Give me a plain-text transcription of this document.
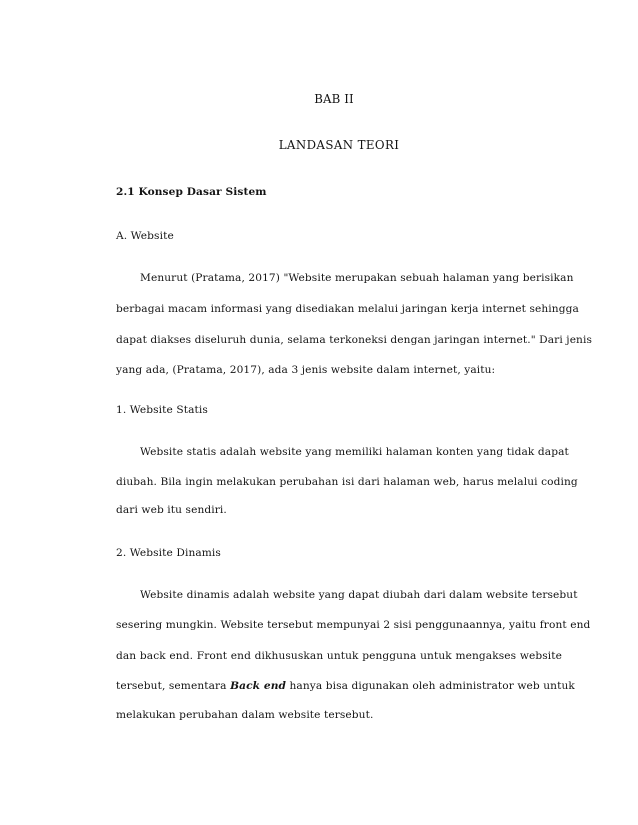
BAB II
LANDASAN TEORI
2.1 Konsep Dasar Sistem
A. Website
Menurut (Pratama, 2017) "Website merupakan sebuah halaman yang berisikan
berbagai macam informasi yang disediakan melalui jaringan kerja internet sehingga
dapat diakses diseluruh dunia, selama terkoneksi dengan jaringan internet." Dari jenis
yang ada, (Pratama, 2017), ada 3 jenis website dalam internet, yaitu:
1. Website Statis
Website statis adalah website yang memiliki halaman konten yang tidak dapat
diubah. Bila ingin melakukan perubahan isi dari halaman web, harus melalui coding
dari web itu sendiri.
2. Website Dinamis
Website dinamis adalah website yang dapat diubah dari dalam website tersebut
sesering mungkin. Website tersebut mempunyai 2 sisi penggunaannya, yaitu front end
dan back end. Front end dikhususkan untuk pengguna untuk mengakses website
tersebut, sementara Back end hanya bisa digunakan oleh administrator web untuk
melakukan perubahan dalam website tersebut.
